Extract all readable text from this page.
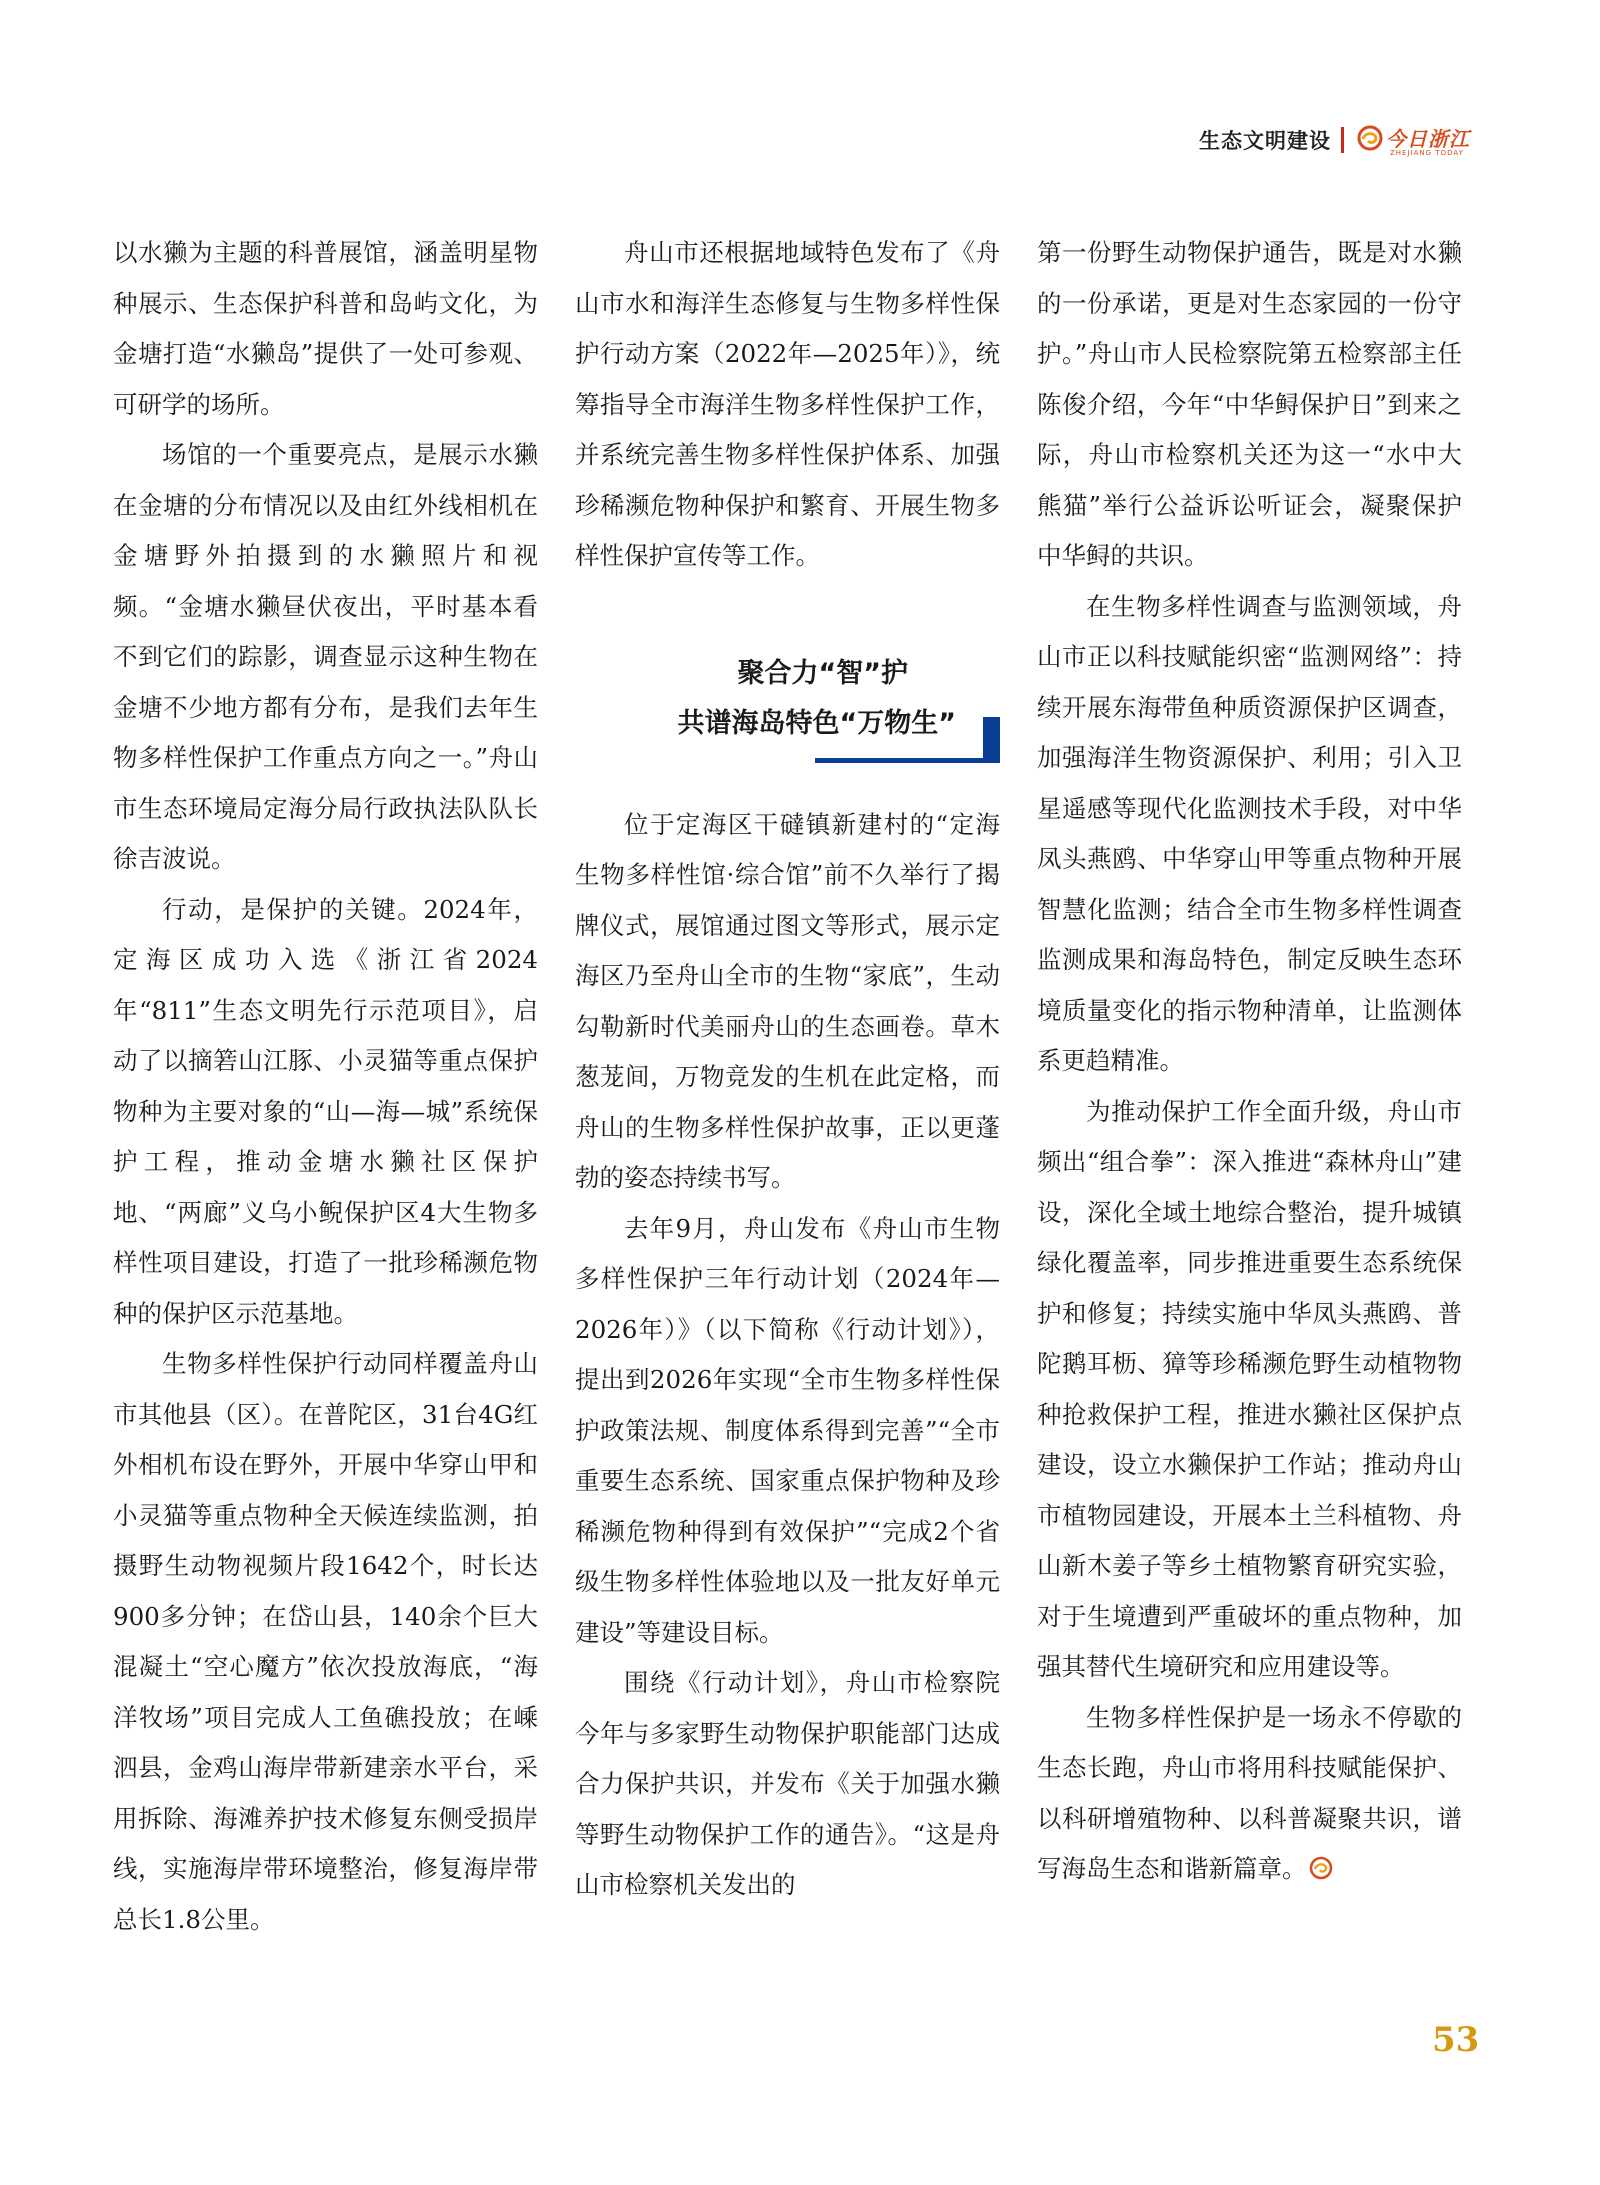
生态文明建设	今日浙江
ZHEJIANG TODAY

以水獭为主题的科普展馆，涵盖明星物种展示、生态保护科普和岛屿文化，为金塘打造“水獭岛”提供了一处可参观、可研学的场所。

场馆的一个重要亮点，是展示水獭在金塘的分布情况以及由红外线相机在金塘野外拍摄到的水獭照片和视频。“金塘水獭昼伏夜出，平时基本看不到它们的踪影，调查显示这种生物在金塘不少地方都有分布，是我们去年生物多样性保护工作重点方向之一。”舟山市生态环境局定海分局行政执法队队长徐吉波说。

行动，是保护的关键。2024年，定海区成功入选《浙江省2024年“811”生态文明先行示范项目》，启动了以摘箬山江豚、小灵猫等重点保护物种为主要对象的“山—海—城”系统保护工程，推动金塘水獭社区保护地、“两廊”义乌小鲵保护区4大生物多样性项目建设，打造了一批珍稀濒危物种的保护区示范基地。

生物多样性保护行动同样覆盖舟山市其他县（区）。在普陀区，31台4G红外相机布设在野外，开展中华穿山甲和小灵猫等重点物种全天候连续监测，拍摄野生动物视频片段1642个，时长达900多分钟；在岱山县，140余个巨大混凝土“空心魔方”依次投放海底，“海洋牧场”项目完成人工鱼礁投放；在嵊泗县，金鸡山海岸带新建亲水平台，采用拆除、海滩养护技术修复东侧受损岸线，实施海岸带环境整治，修复海岸带总长1.8公里。

舟山市还根据地域特色发布了《舟山市水和海洋生态修复与生物多样性保护行动方案（2022年—2025年）》，统筹指导全市海洋生物多样性保护工作，并系统完善生物多样性保护体系、加强珍稀濒危物种保护和繁育、开展生物多样性保护宣传等工作。

聚合力“智”护
共谱海岛特色“万物生”

位于定海区干䃮镇新建村的“定海生物多样性馆·综合馆”前不久举行了揭牌仪式，展馆通过图文等形式，展示定海区乃至舟山全市的生物“家底”，生动勾勒新时代美丽舟山的生态画卷。草木葱茏间，万物竞发的生机在此定格，而舟山的生物多样性保护故事，正以更蓬勃的姿态持续书写。

去年9月，舟山发布《舟山市生物多样性保护三年行动计划（2024年—2026年）》（以下简称《行动计划》），提出到2026年实现“全市生物多样性保护政策法规、制度体系得到完善”“全市重要生态系统、国家重点保护物种及珍稀濒危物种得到有效保护”“完成2个省级生物多样性体验地以及一批友好单元建设”等建设目标。

围绕《行动计划》，舟山市检察院今年与多家野生动物保护职能部门达成合力保护共识，并发布《关于加强水獭等野生动物保护工作的通告》。“这是舟山市检察机关发出的

第一份野生动物保护通告，既是对水獭的一份承诺，更是对生态家园的一份守护。”舟山市人民检察院第五检察部主任陈俊介绍，今年“中华鲟保护日”到来之际，舟山市检察机关还为这一“水中大熊猫”举行公益诉讼听证会，凝聚保护中华鲟的共识。

在生物多样性调查与监测领域，舟山市正以科技赋能织密“监测网络”：持续开展东海带鱼种质资源保护区调查，加强海洋生物资源保护、利用；引入卫星遥感等现代化监测技术手段，对中华凤头燕鸥、中华穿山甲等重点物种开展智慧化监测；结合全市生物多样性调查监测成果和海岛特色，制定反映生态环境质量变化的指示物种清单，让监测体系更趋精准。

为推动保护工作全面升级，舟山市频出“组合拳”：深入推进“森林舟山”建设，深化全域土地综合整治，提升城镇绿化覆盖率，同步推进重要生态系统保护和修复；持续实施中华凤头燕鸥、普陀鹅耳枥、獐等珍稀濒危野生动植物物种抢救保护工程，推进水獭社区保护点建设，设立水獭保护工作站；推动舟山市植物园建设，开展本土兰科植物、舟山新木姜子等乡土植物繁育研究实验，对于生境遭到严重破坏的重点物种，加强其替代生境研究和应用建设等。

生物多样性保护是一场永不停歇的生态长跑，舟山市将用科技赋能保护、以科研增殖物种、以科普凝聚共识，谱写海岛生态和谐新篇章。

53
